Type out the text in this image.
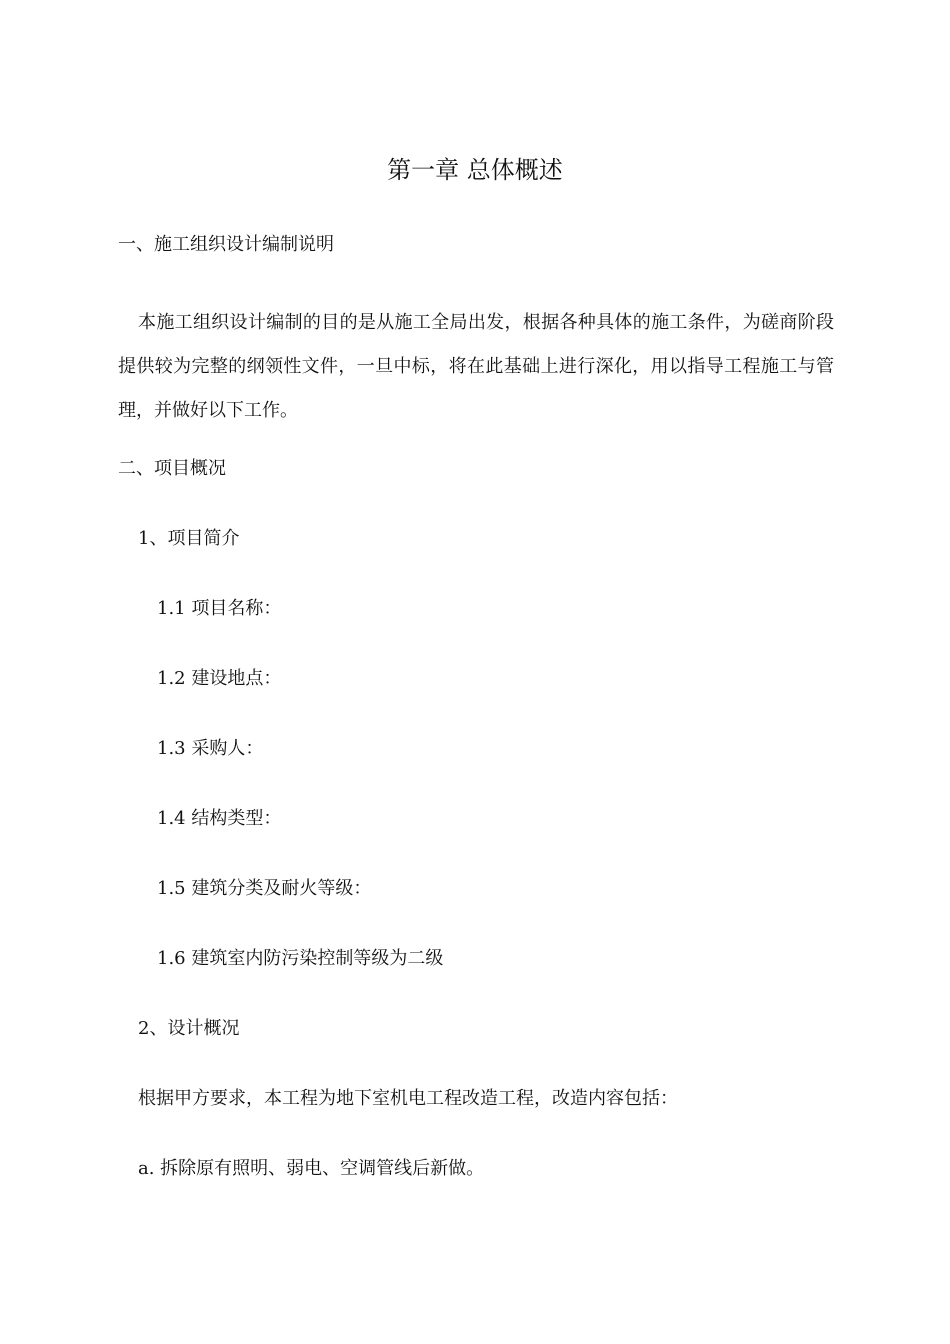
第一章 总体概述
一、施工组织设计编制说明
本施工组织设计编制的目的是从施工全局出发，根据各种具体的施工条件，为磋商阶段提供较为完整的纲领性文件，一旦中标，将在此基础上进行深化，用以指导工程施工与管理，并做好以下工作。
二、项目概况
1、项目简介
1.1 项目名称：
1.2 建设地点：
1.3 采购人：
1.4 结构类型：
1.5 建筑分类及耐火等级：
1.6 建筑室内防污染控制等级为二级
2、设计概况
根据甲方要求，本工程为地下室机电工程改造工程，改造内容包括：
a. 拆除原有照明、弱电、空调管线后新做。
